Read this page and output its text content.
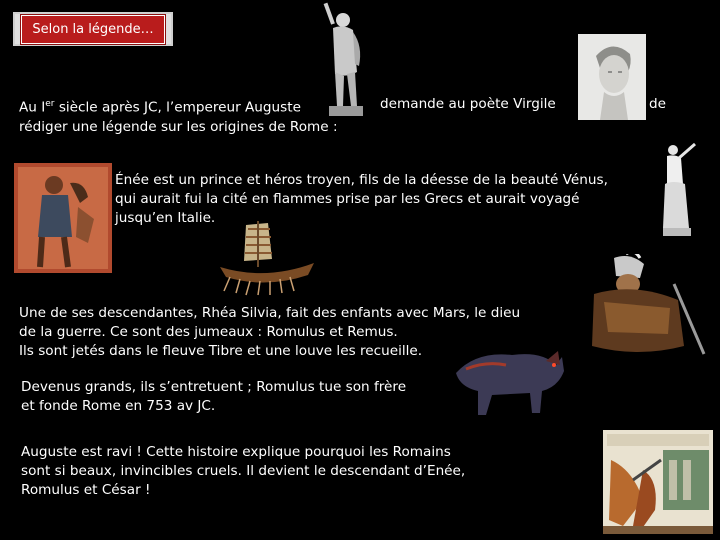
Selon la légende…
Au Ier siècle après JC, l’empereur Auguste	demande au poète Virgile	de
rédiger une légende sur les origines de Rome :
Énée est un prince et héros troyen, fils de la déesse de la beauté Vénus,
qui aurait fui la cité en flammes prise par les Grecs et aurait voyagé
jusqu’en Italie.
Une de ses descendantes, Rhéa Silvia, fait des enfants avec Mars, le dieu
de la guerre. Ce sont des jumeaux : Romulus et Remus.
Ils sont jetés dans le fleuve Tibre et une louve les recueille.
Devenus grands, ils s’entretuent ; Romulus tue son frère
et fonde Rome en 753 av JC.
Auguste est ravi ! Cette histoire explique pourquoi les Romains
sont si beaux, invincibles cruels. Il devient le descendant d’Enée,
Romulus et César !
